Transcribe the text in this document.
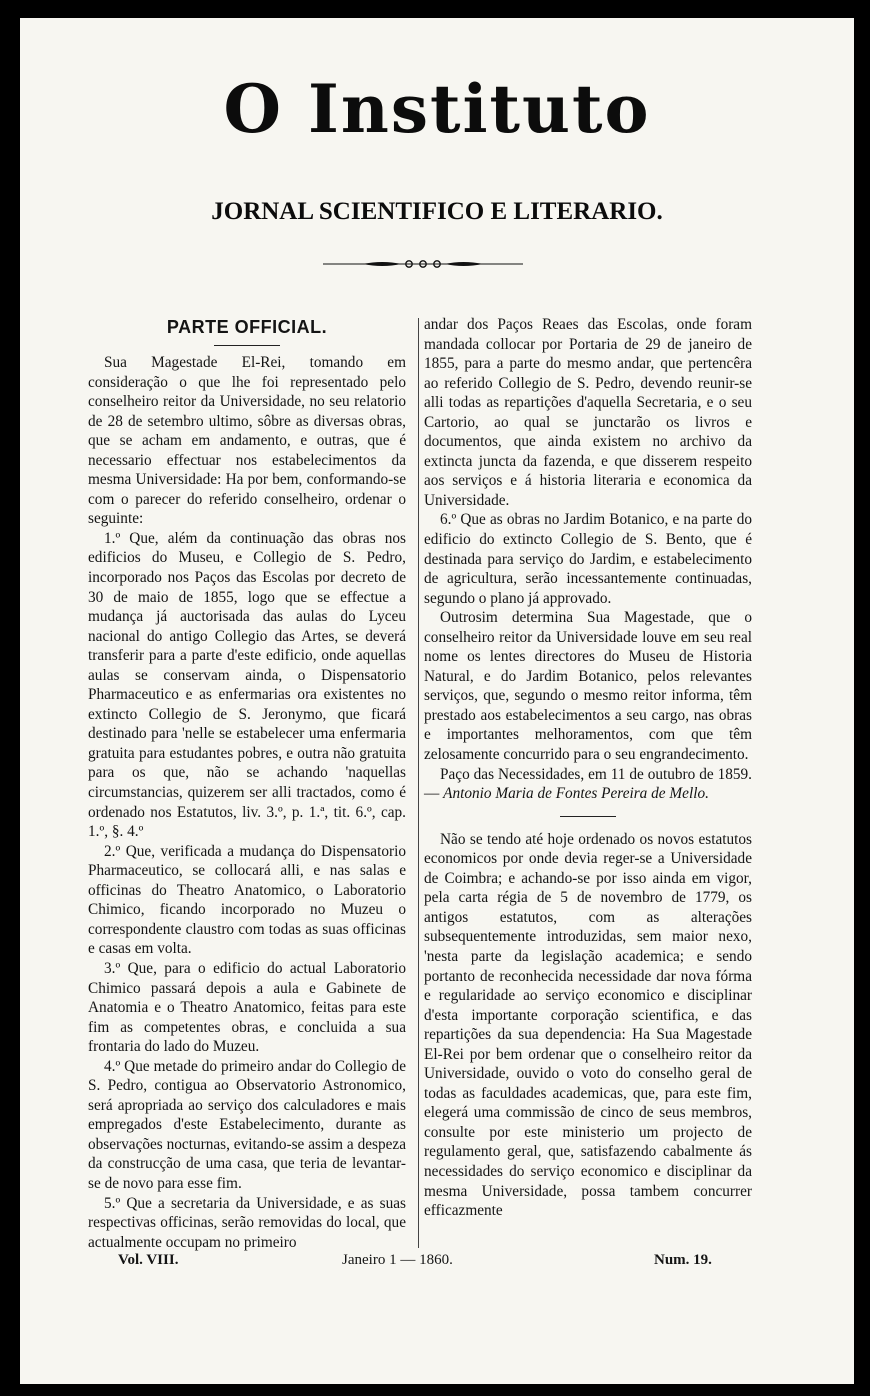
O Instituto
JORNAL SCIENTIFICO E LITERARIO.
PARTE OFFICIAL.

Sua Magestade El-Rei, tomando em consideração o que lhe foi representado pelo conselheiro reitor da Universidade, no seu relatorio de 28 de setembro ultimo, sôbre as diversas obras, que se acham em andamento, e outras, que é necessario effectuar nos estabelecimentos da mesma Universidade: Ha por bem, conformando-se com o parecer do referido conselheiro, ordenar o seguinte:

1.º Que, além da continuação das obras nos edificios do Museu, e Collegio de S. Pedro, incorporado nos Paços das Escolas por decreto de 30 de maio de 1855, logo que se effectue a mudança já auctorisada das aulas do Lyceu nacional do antigo Collegio das Artes, se deverá transferir para a parte d'este edificio, onde aquellas aulas se conservam ainda, o Dispensatorio Pharmaceutico e as enfermarias ora existentes no extincto Collegio de S. Jeronymo, que ficará destinado para 'nelle se estabelecer uma enfermaria gratuita para estudantes pobres, e outra não gratuita para os que, não se achando 'naquellas circumstancias, quizerem ser alli tractados, como é ordenado nos Estatutos, liv. 3.º, p. 1.ª, tit. 6.º, cap. 1.º, §. 4.º

2.º Que, verificada a mudança do Dispensatorio Pharmaceutico, se collocará alli, e nas salas e officinas do Theatro Anatomico, o Laboratorio Chimico, ficando incorporado no Muzeu o correspondente claustro com todas as suas officinas e casas em volta.

3.º Que, para o edificio do actual Laboratorio Chimico passará depois a aula e Gabinete de Anatomia e o Theatro Anatomico, feitas para este fim as competentes obras, e concluida a sua frontaria do lado do Muzeu.

4.º Que metade do primeiro andar do Collegio de S. Pedro, contigua ao Observatorio Astronomico, será apropriada ao serviço dos calculadores e mais empregados d'este Estabelecimento, durante as observações nocturnas, evitando-se assim a despeza da construcção de uma casa, que teria de levantar-se de novo para esse fim.

5.º Que a secretaria da Universidade, e as suas respectivas officinas, serão removidas do local, que actualmente occupam no primeiro

andar dos Paços Reaes das Escolas, onde foram mandada collocar por Portaria de 29 de janeiro de 1855, para a parte do mesmo andar, que pertencêra ao referido Collegio de S. Pedro, devendo reunir-se alli todas as repartições d'aquella Secretaria, e o seu Cartorio, ao qual se junctarão os livros e documentos, que ainda existem no archivo da extincta juncta da fazenda, e que disserem respeito aos serviços e á historia literaria e economica da Universidade.

6.º Que as obras no Jardim Botanico, e na parte do edificio do extincto Collegio de S. Bento, que é destinada para serviço do Jardim, e estabelecimento de agricultura, serão incessantemente continuadas, segundo o plano já approvado.

Outrosim determina Sua Magestade, que o conselheiro reitor da Universidade louve em seu real nome os lentes directores do Museu de Historia Natural, e do Jardim Botanico, pelos relevantes serviços, que, segundo o mesmo reitor informa, têm prestado aos estabelecimentos a seu cargo, nas obras e importantes melhoramentos, com que têm zelosamente concurrido para o seu engrandecimento.

Paço das Necessidades, em 11 de outubro de 1859. — Antonio Maria de Fontes Pereira de Mello.

Não se tendo até hoje ordenado os novos estatutos economicos por onde devia reger-se a Universidade de Coimbra; e achando-se por isso ainda em vigor, pela carta régia de 5 de novembro de 1779, os antigos estatutos, com as alterações subsequentemente introduzidas, sem maior nexo, 'nesta parte da legislação academica; e sendo portanto de reconhecida necessidade dar nova fórma e regularidade ao serviço economico e disciplinar d'esta importante corporação scientifica, e das repartições da sua dependencia: Ha Sua Magestade El-Rei por bem ordenar que o conselheiro reitor da Universidade, ouvido o voto do conselho geral de todas as faculdades academicas, que, para este fim, elegerá uma commissão de cinco de seus membros, consulte por este ministerio um projecto de regulamento geral, que, satisfazendo cabalmente ás necessidades do serviço economico e disciplinar da mesma Universidade, possa tambem concurrer efficazmente

Vol. VIII.	Janeiro 1 — 1860.	Num. 19.
